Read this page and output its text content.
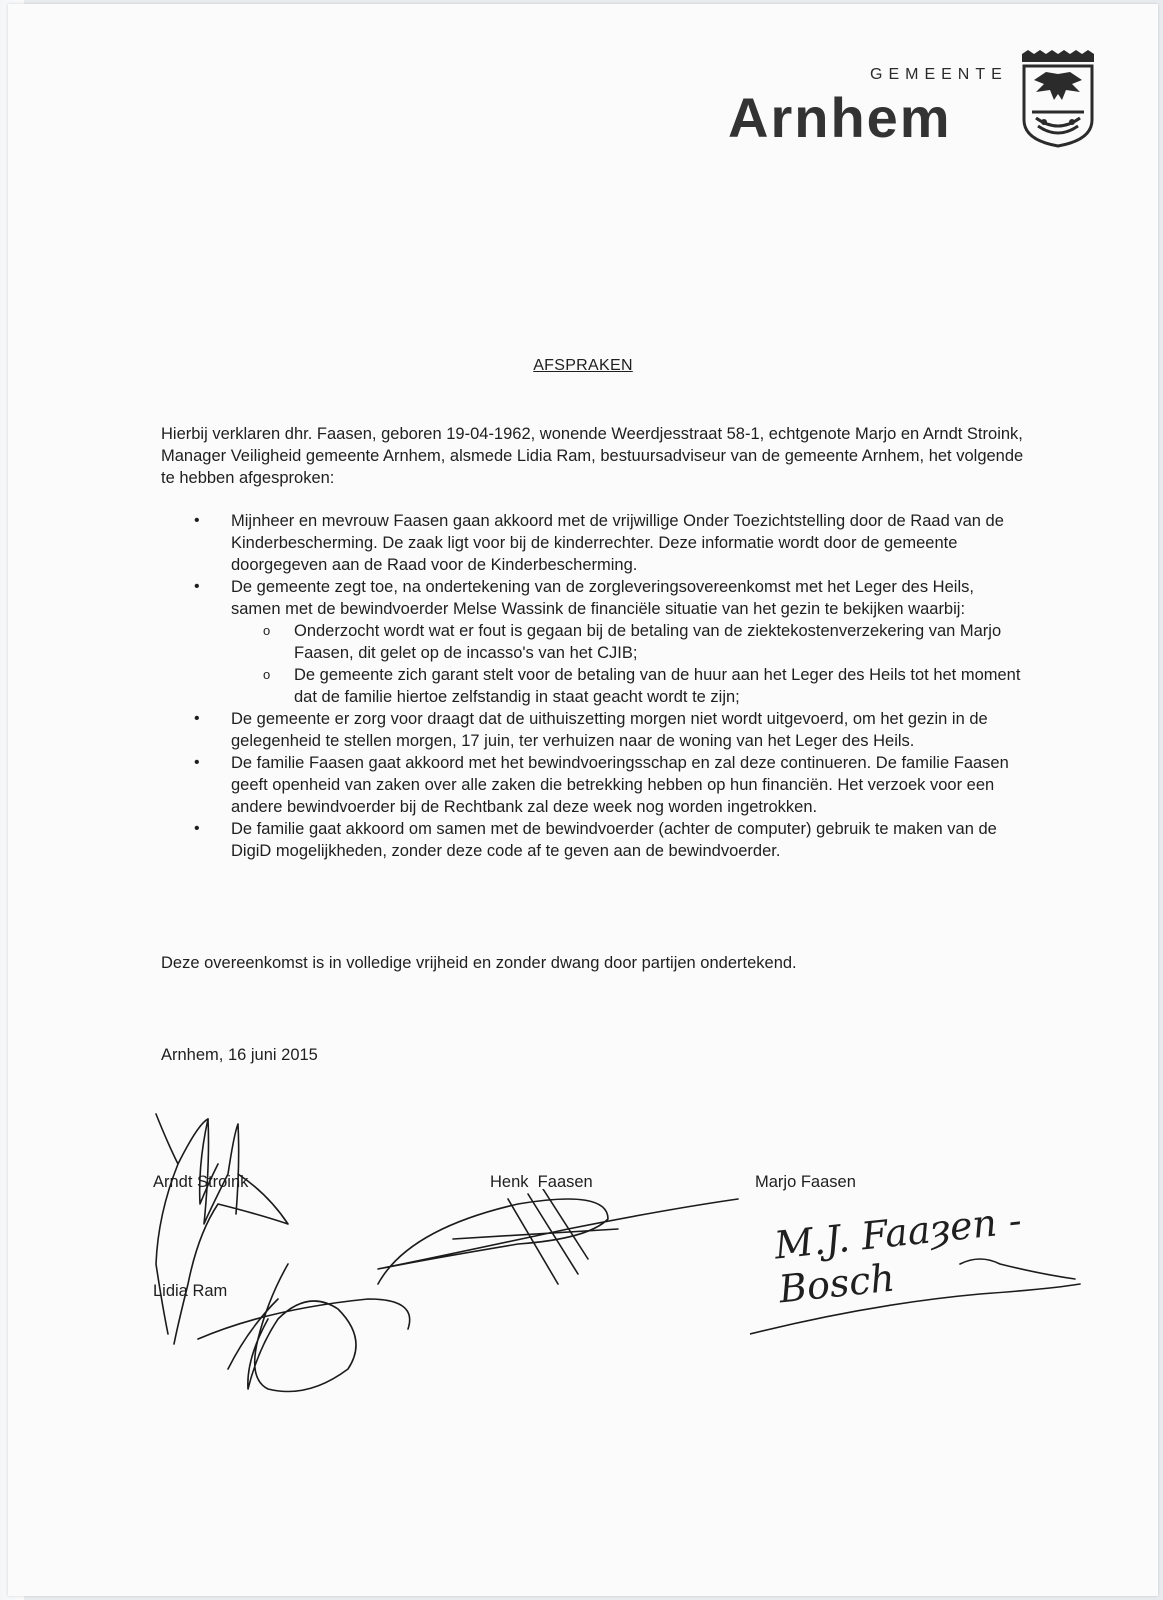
GEMEENTE
Arnhem
AFSPRAKEN
Hierbij verklaren dhr. Faasen, geboren 19-04-1962, wonende Weerdjesstraat 58-1, echtgenote Marjo en Arndt Stroink, Manager Veiligheid gemeente Arnhem, alsmede Lidia Ram, bestuursadviseur van de gemeente Arnhem, het volgende te hebben afgesproken:
• Mijnheer en mevrouw Faasen gaan akkoord met de vrijwillige Onder Toezichtstelling door de Raad van de Kinderbescherming. De zaak ligt voor bij de kinderrechter. Deze informatie wordt door de gemeente doorgegeven aan de Raad voor de Kinderbescherming.
• De gemeente zegt toe, na ondertekening van de zorgleveringsovereenkomst met het Leger des Heils, samen met de bewindvoerder Melse Wassink de financiële situatie van het gezin te bekijken waarbij:
o Onderzocht wordt wat er fout is gegaan bij de betaling van de ziektekostenverzekering van Marjo Faasen, dit gelet op de incasso's van het CJIB;
o De gemeente zich garant stelt voor de betaling van de huur aan het Leger des Heils tot het moment dat de familie hiertoe zelfstandig in staat geacht wordt te zijn;
• De gemeente er zorg voor draagt dat de uithuiszetting morgen niet wordt uitgevoerd, om het gezin in de gelegenheid te stellen morgen, 17 juin, ter verhuizen naar de woning van het Leger des Heils.
• De familie Faasen gaat akkoord met het bewindvoeringsschap en zal deze continueren. De familie Faasen geeft openheid van zaken over alle zaken die betrekking hebben op hun financiën. Het verzoek voor een andere bewindvoerder bij de Rechtbank zal deze week nog worden ingetrokken.
• De familie gaat akkoord om samen met de bewindvoerder (achter de computer) gebruik te maken van de DigiD mogelijkheden, zonder deze code af te geven aan de bewindvoerder.
Deze overeenkomst is in volledige vrijheid en zonder dwang door partijen ondertekend.
Arnhem, 16 juni 2015
Arndt Stroink
Lidia Ram
Henk  Faasen	Marjo Faasen
M.J. Faaȝen - Bosch
